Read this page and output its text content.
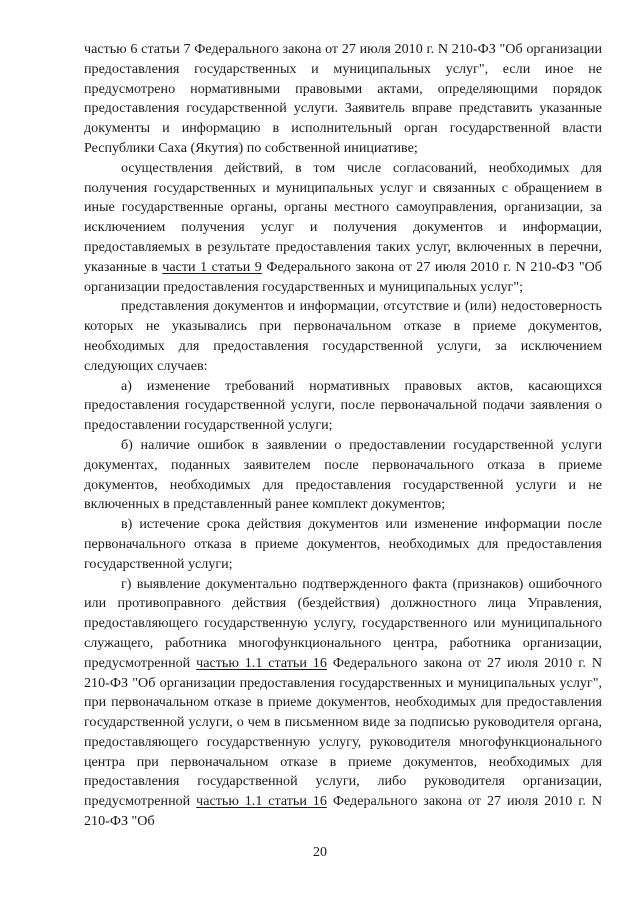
частью 6 статьи 7 Федерального закона от 27 июля 2010 г. N 210-ФЗ "Об организации предоставления государственных и муниципальных услуг", если иное не предусмотрено нормативными правовыми актами, определяющими порядок предоставления государственной услуги. Заявитель вправе представить указанные документы и информацию в исполнительный орган государственной власти Республики Саха (Якутия) по собственной инициативе;

осуществления действий, в том числе согласований, необходимых для получения государственных и муниципальных услуг и связанных с обращением в иные государственные органы, органы местного самоуправления, организации, за исключением получения услуг и получения документов и информации, предоставляемых в результате предоставления таких услуг, включенных в перечни, указанные в части 1 статьи 9 Федерального закона от 27 июля 2010 г. N 210-ФЗ "Об организации предоставления государственных и муниципальных услуг";

представления документов и информации, отсутствие и (или) недостоверность которых не указывались при первоначальном отказе в приеме документов, необходимых для предоставления государственной услуги, за исключением следующих случаев:

а) изменение требований нормативных правовых актов, касающихся предоставления государственной услуги, после первоначальной подачи заявления о предоставлении государственной услуги;

б) наличие ошибок в заявлении о предоставлении государственной услуги документах, поданных заявителем после первоначального отказа в приеме документов, необходимых для предоставления государственной услуги и не включенных в представленный ранее комплект документов;

в) истечение срока действия документов или изменение информации после первоначального отказа в приеме документов, необходимых для предоставления государственной услуги;

г) выявление документально подтвержденного факта (признаков) ошибочного или противоправного действия (бездействия) должностного лица Управления, предоставляющего государственную услугу, государственного или муниципального служащего, работника многофункционального центра, работника организации, предусмотренной частью 1.1 статьи 16 Федерального закона от 27 июля 2010 г. N 210-ФЗ "Об организации предоставления государственных и муниципальных услуг", при первоначальном отказе в приеме документов, необходимых для предоставления государственной услуги, о чем в письменном виде за подписью руководителя органа, предоставляющего государственную услугу, руководителя многофункционального центра при первоначальном отказе в приеме документов, необходимых для предоставления государственной услуги, либо руководителя организации, предусмотренной частью 1.1 статьи 16 Федерального закона от 27 июля 2010 г. N 210-ФЗ "Об

20
